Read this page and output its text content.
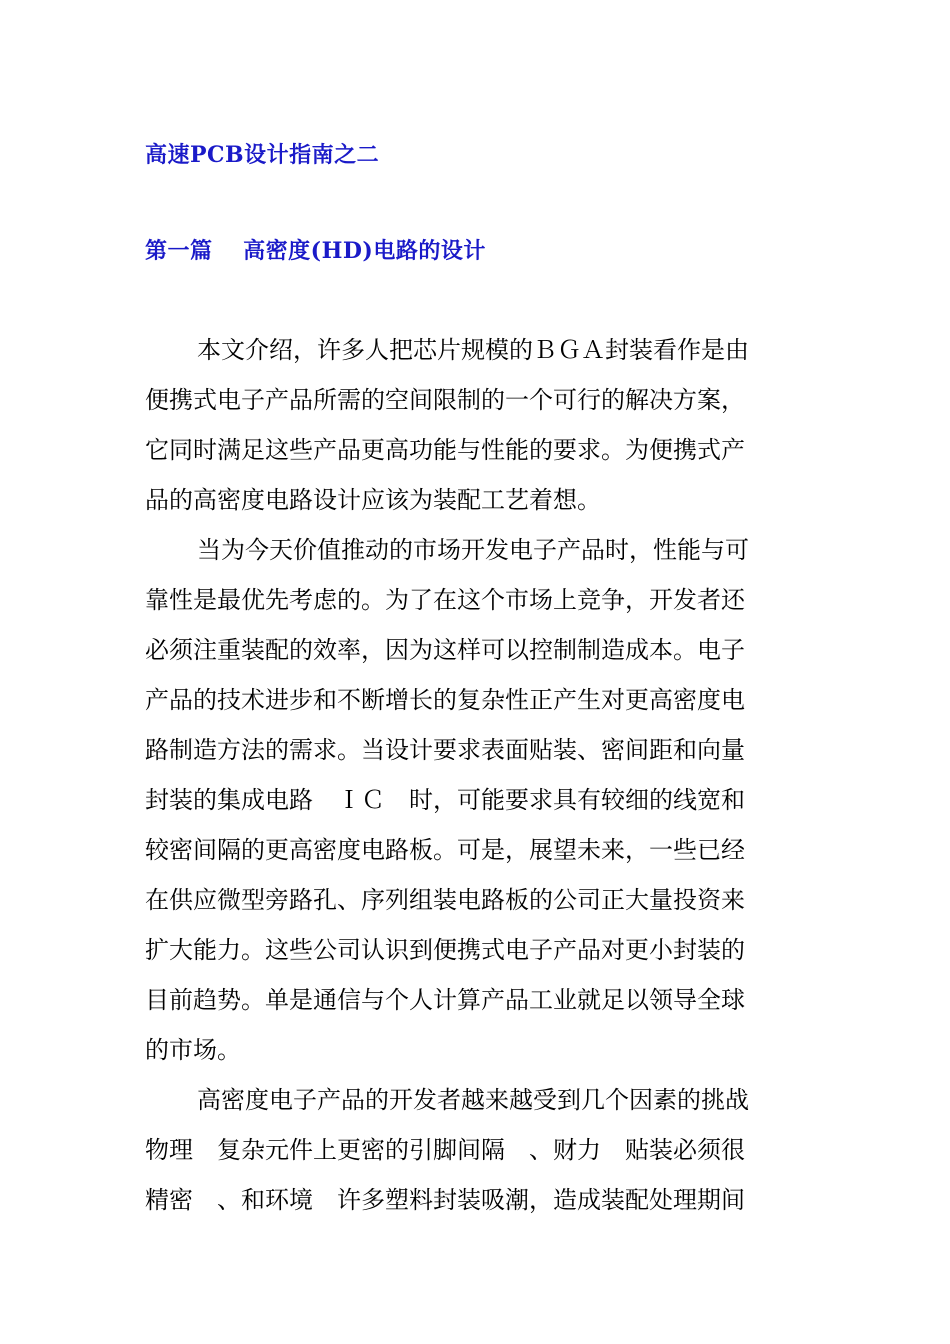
高速PCB设计指南之二
第一篇　 高密度(HD)电路的设计
本文介绍，许多人把芯片规模的ＢＧＡ封装看作是由
便携式电子产品所需的空间限制的一个可行的解决方案，
它同时满足这些产品更高功能与性能的要求。为便携式产
品的高密度电路设计应该为装配工艺着想。
当为今天价值推动的市场开发电子产品时，性能与可
靠性是最优先考虑的。为了在这个市场上竞争，开发者还
必须注重装配的效率，因为这样可以控制制造成本。电子
产品的技术进步和不断增长的复杂性正产生对更高密度电
路制造方法的需求。当设计要求表面贴装、密间距和向量
封装的集成电路　ＩＣ　时，可能要求具有较细的线宽和
较密间隔的更高密度电路板。可是，展望未来，一些已经
在供应微型旁路孔、序列组装电路板的公司正大量投资来
扩大能力。这些公司认识到便携式电子产品对更小封装的
目前趋势。单是通信与个人计算产品工业就足以领导全球
的市场。
高密度电子产品的开发者越来越受到几个因素的挑战
物理　复杂元件上更密的引脚间隔　、财力　贴装必须很
精密　、和环境　许多塑料封装吸潮，造成装配处理期间
